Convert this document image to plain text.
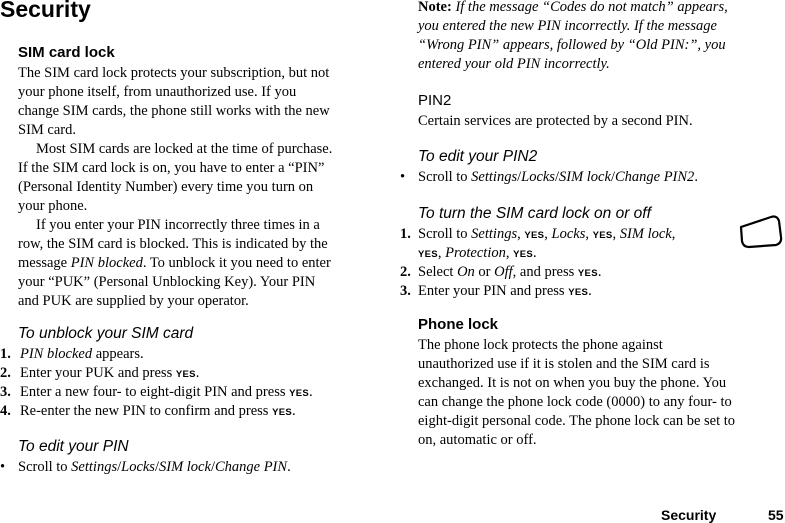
Security
SIM card lock
The SIM card lock protects your subscription, but not
your phone itself, from unauthorized use. If you
change SIM cards, the phone still works with the new
SIM card.
Most SIM cards are locked at the time of purchase.
If the SIM card lock is on, you have to enter a “PIN”
(Personal Identity Number) every time you turn on
your phone.
If you enter your PIN incorrectly three times in a
row, the SIM card is blocked. This is indicated by the
message PIN blocked. To unblock it you need to enter
your “PUK” (Personal Unblocking Key). Your PIN
and PUK are supplied by your operator.
To unblock your SIM card
1. PIN blocked appears.
2. Enter your PUK and press YES.
3. Enter a new four- to eight-digit PIN and press YES.
4. Re-enter the new PIN to confirm and press YES.
To edit your PIN
• Scroll to Settings/Locks/SIM lock/Change PIN.
Note: If the message “Codes do not match” appears,
you entered the new PIN incorrectly. If the message
“Wrong PIN” appears, followed by “Old PIN:”, you
entered your old PIN incorrectly.
PIN2
Certain services are protected by a second PIN.
To edit your PIN2
• Scroll to Settings/Locks/SIM lock/Change PIN2.
To turn the SIM card lock on or off
1. Scroll to Settings, YES, Locks, YES, SIM lock,
YES, Protection, YES.
2. Select On or Off, and press YES.
3. Enter your PIN and press YES.
Phone lock
The phone lock protects the phone against
unauthorized use if it is stolen and the SIM card is
exchanged. It is not on when you buy the phone. You
can change the phone lock code (0000) to any four- to
eight-digit personal code. The phone lock can be set to
on, automatic or off.
Security	55
